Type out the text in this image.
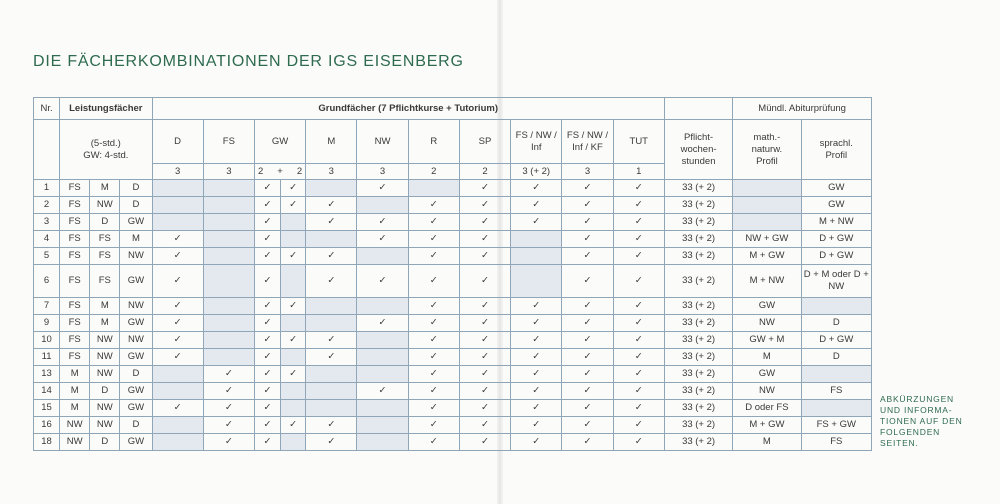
DIE FÄCHERKOMBINATIONEN DER IGS EISENBERG
Nr.	Leistungsfächer			Grundfächer (7 Pflichtkurse + Tutorium)												Mündl. Abiturprüfung	

	(5-std.)
GW: 4-std.			D	FS	GW		M	NW	R	SP	FS / NW / Inf	FS / NW / Inf / KF	TUT	Pflicht-wochen-stunden	math.-naturw. Profil	sprachl. Profil
				3	3	2 + 2		3	3	2	2	3 (+ 2)	3	1			
1	FS	M	D			✓	✓		✓		✓	✓	✓	✓	33 (+ 2)		GW
2	FS	NW	D			✓	✓	✓		✓	✓	✓	✓	✓	33 (+ 2)		GW
3	FS	D	GW			✓		✓	✓	✓	✓	✓	✓	✓	33 (+ 2)		M + NW
4	FS	FS	M	✓		✓			✓	✓	✓		✓	✓	33 (+ 2)	NW + GW	D + GW
5	FS	FS	NW	✓		✓	✓	✓		✓	✓		✓	✓	33 (+ 2)	M + GW	D + GW
6	FS	FS	GW	✓		✓		✓	✓	✓	✓		✓	✓	33 (+ 2)	M + NW	D + M oder D + NW
7	FS	M	NW	✓		✓	✓			✓	✓	✓	✓	✓	33 (+ 2)	GW	
9	FS	M	GW	✓		✓			✓	✓	✓	✓	✓	✓	33 (+ 2)	NW	D
10	FS	NW	NW	✓		✓	✓	✓		✓	✓	✓	✓	✓	33 (+ 2)	GW + M	D + GW
11	FS	NW	GW	✓		✓		✓		✓	✓	✓	✓	✓	33 (+ 2)	M	D
13	M	NW	D		✓	✓	✓			✓	✓	✓	✓	✓	33 (+ 2)	GW	
14	M	D	GW		✓	✓			✓	✓	✓	✓	✓	✓	33 (+ 2)	NW	FS
15	M	NW	GW	✓	✓	✓				✓	✓	✓	✓	✓	33 (+ 2)	D oder FS	
16	NW	NW	D		✓	✓	✓	✓		✓	✓	✓	✓	✓	33 (+ 2)	M + GW	FS + GW
18	NW	D	GW		✓	✓		✓		✓	✓	✓	✓	✓	33 (+ 2)	M	FS
ABKÜRZUNGEN
UND INFORMA-
TIONEN AUF DEN
FOLGENDEN
SEITEN.
